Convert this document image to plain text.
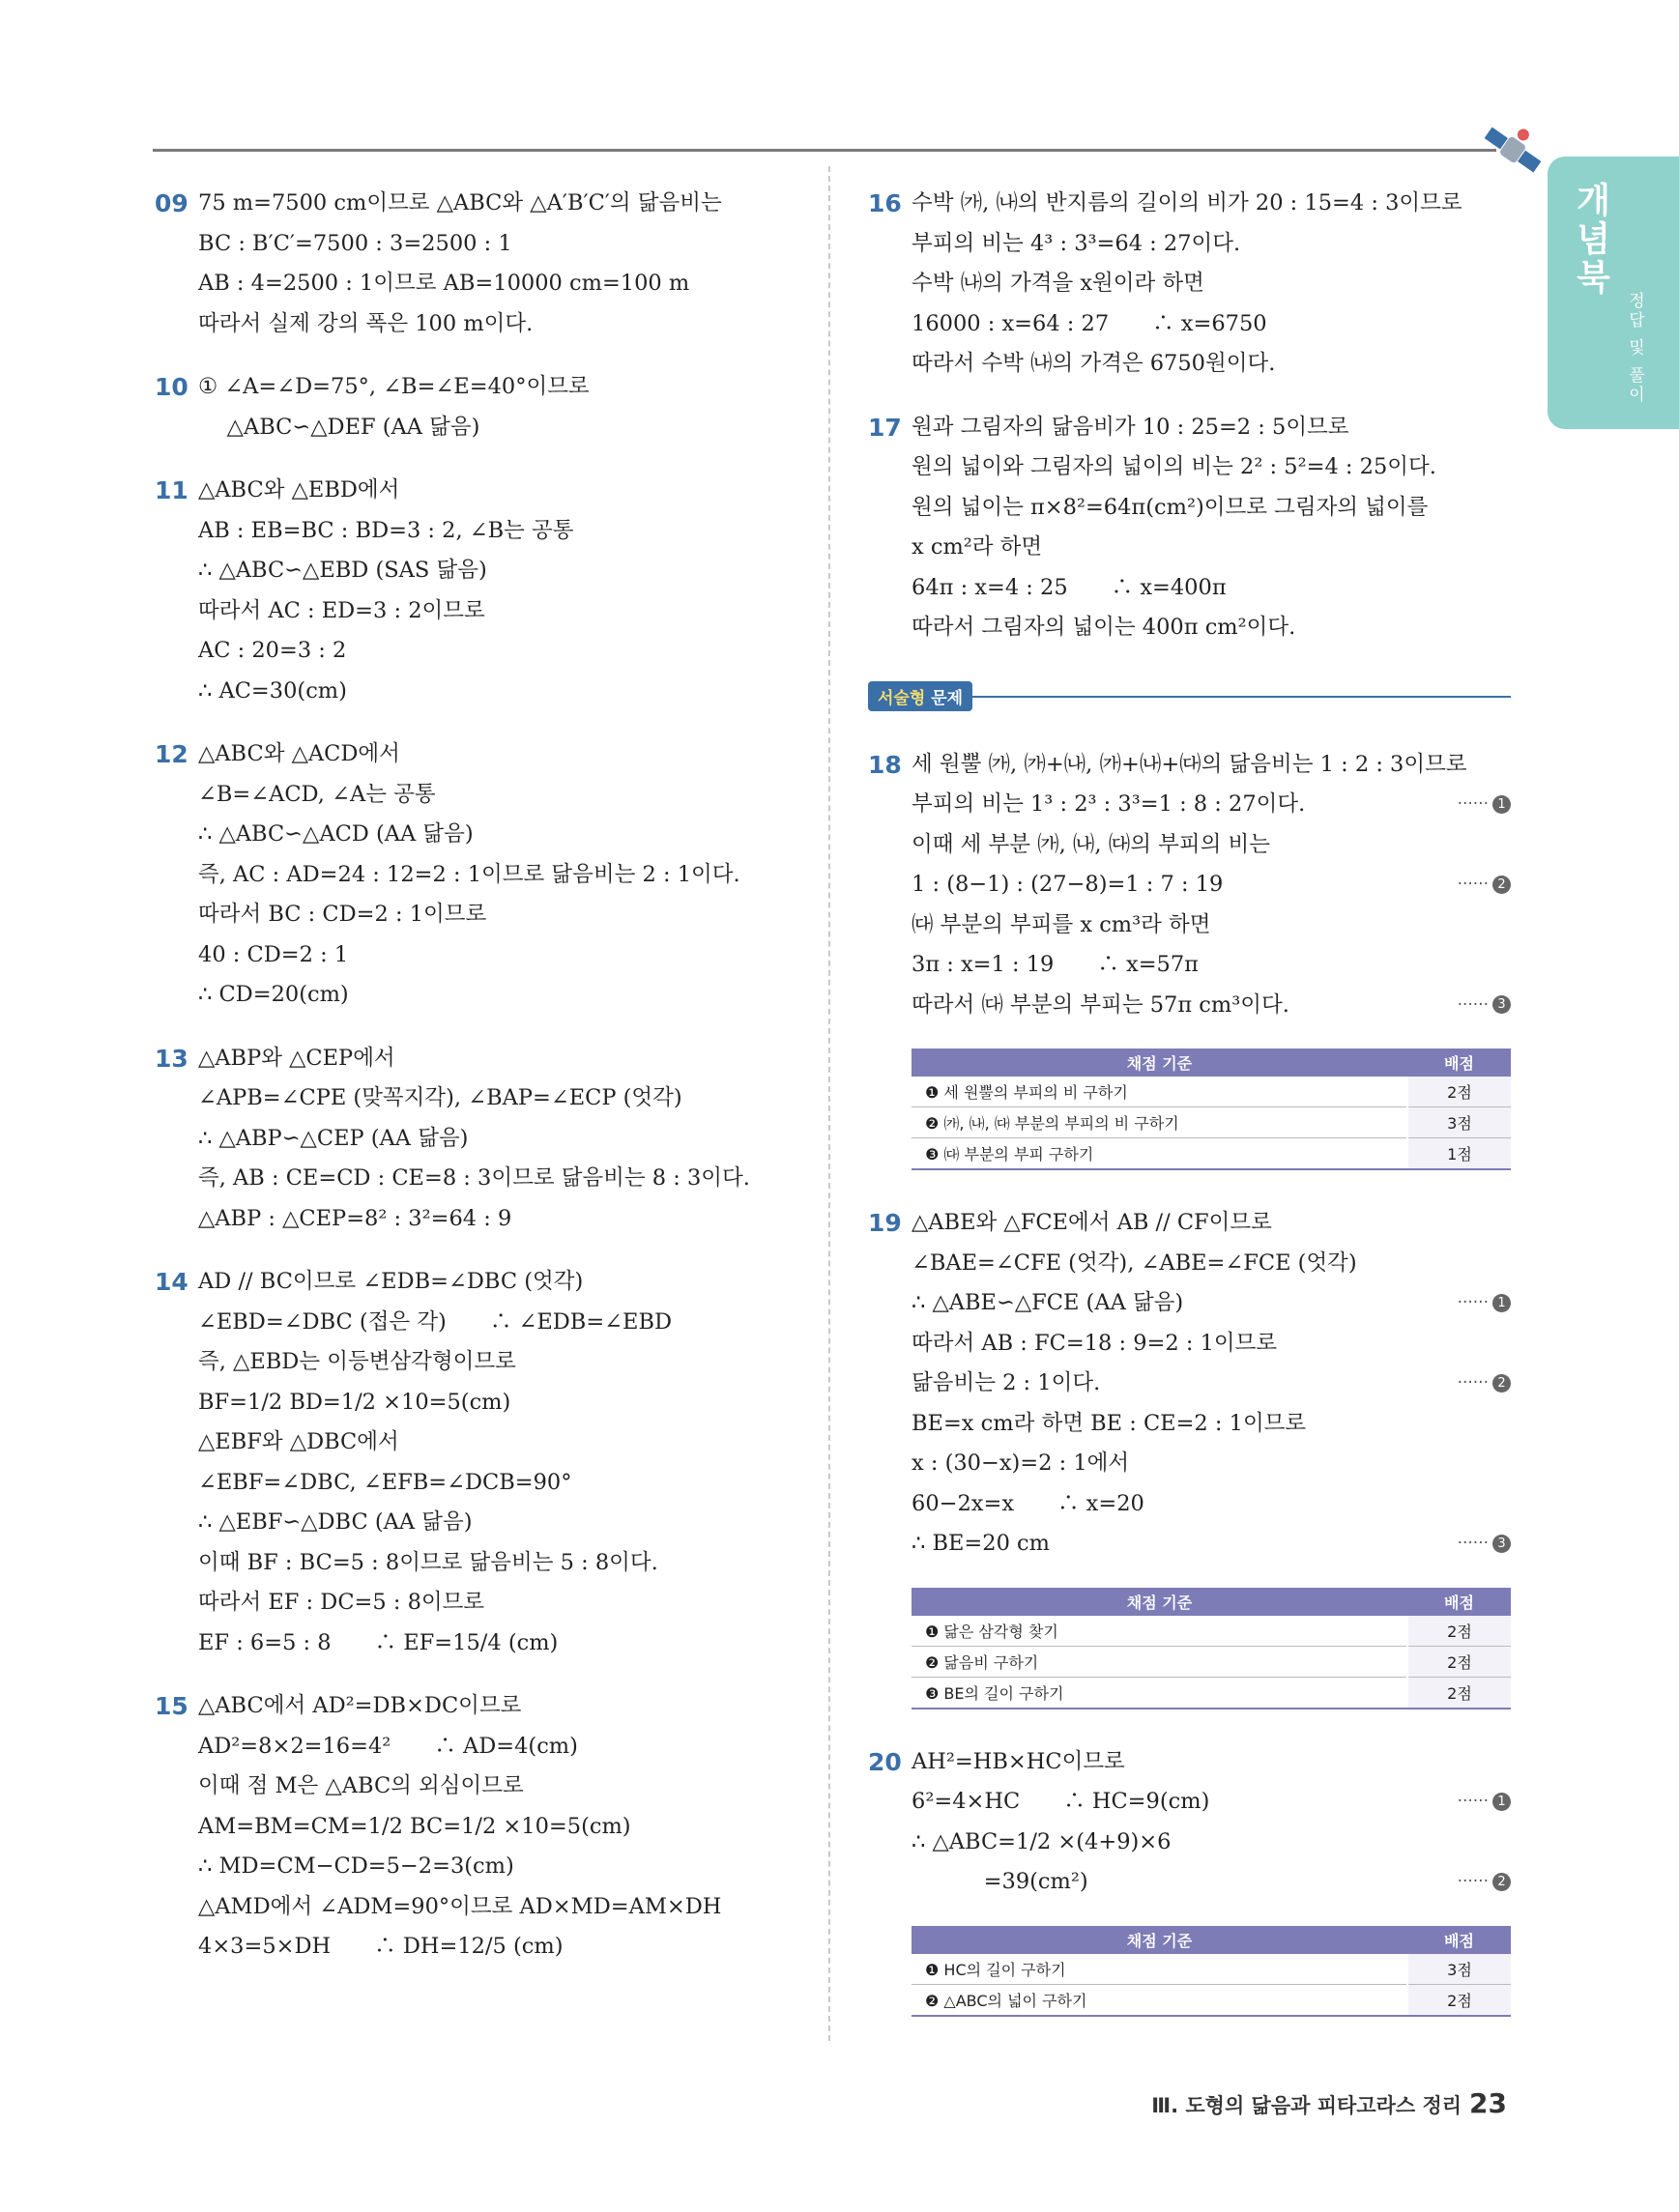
개념북
정답 및 풀이
09 75 m=7500 cm이므로 △ABC와 △A′B′C′의 닮음비는
BC : B′C′=7500 : 3=2500 : 1
AB : 4=2500 : 1이므로 AB=10000 cm=100 m
따라서 실제 강의 폭은 100 m이다.
10 ① ∠A=∠D=75°, ∠B=∠E=40°이므로
　 △ABC∽△DEF (AA 닮음)
11 △ABC와 △EBD에서
AB : EB=BC : BD=3 : 2, ∠B는 공통
∴ △ABC∽△EBD (SAS 닮음)
따라서 AC : ED=3 : 2이므로
AC : 20=3 : 2
∴ AC=30(cm)
12 △ABC와 △ACD에서
∠B=∠ACD, ∠A는 공통
∴ △ABC∽△ACD (AA 닮음)
즉, AC : AD=24 : 12=2 : 1이므로 닮음비는 2 : 1이다.
따라서 BC : CD=2 : 1이므로
40 : CD=2 : 1
∴ CD=20(cm)
13 △ABP와 △CEP에서
∠APB=∠CPE (맞꼭지각), ∠BAP=∠ECP (엇각)
∴ △ABP∽△CEP (AA 닮음)
즉, AB : CE=CD : CE=8 : 3이므로 닮음비는 8 : 3이다.
△ABP : △CEP=8² : 3²=64 : 9
14 AD // BC이므로 ∠EDB=∠DBC (엇각)
∠EBD=∠DBC (접은 각)　　∴ ∠EDB=∠EBD
즉, △EBD는 이등변삼각형이므로
BF=1/2 BD=1/2 ×10=5(cm)
△EBF와 △DBC에서
∠EBF=∠DBC, ∠EFB=∠DCB=90°
∴ △EBF∽△DBC (AA 닮음)
이때 BF : BC=5 : 8이므로 닮음비는 5 : 8이다.
따라서 EF : DC=5 : 8이므로
EF : 6=5 : 8　　∴ EF=15/4 (cm)
15 △ABC에서 AD²=DB×DC이므로
AD²=8×2=16=4²　　∴ AD=4(cm)
이때 점 M은 △ABC의 외심이므로
AM=BM=CM=1/2 BC=1/2 ×10=5(cm)
∴ MD=CM−CD=5−2=3(cm)
△AMD에서 ∠ADM=90°이므로 AD×MD=AM×DH
4×3=5×DH　　∴ DH=12/5 (cm)
16 수박 ㈎, ㈏의 반지름의 길이의 비가 20 : 15=4 : 3이므로
부피의 비는 4³ : 3³=64 : 27이다.
수박 ㈏의 가격을 x원이라 하면
16000 : x=64 : 27　　∴ x=6750
따라서 수박 ㈏의 가격은 6750원이다.
17 원과 그림자의 닮음비가 10 : 25=2 : 5이므로
원의 넓이와 그림자의 넓이의 비는 2² : 5²=4 : 25이다.
원의 넓이는 π×8²=64π(cm²)이므로 그림자의 넓이를
x cm²라 하면
64π : x=4 : 25　　∴ x=400π
따라서 그림자의 넓이는 400π cm²이다.
서술형 문제
18 세 원뿔 ㈎, ㈎+㈏, ㈎+㈏+㈐의 닮음비는 1 : 2 : 3이므로
부피의 비는 1³ : 2³ : 3³=1 : 8 : 27이다.	······ 1
이때 세 부분 ㈎, ㈏, ㈐의 부피의 비는
1 : (8−1) : (27−8)=1 : 7 : 19	······ 2
㈐ 부분의 부피를 x cm³라 하면
3π : x=1 : 19　　∴ x=57π
따라서 ㈐ 부분의 부피는 57π cm³이다.	······ 3
채점 기준	배점
❶ 세 원뿔의 부피의 비 구하기	2점
❷ ㈎, ㈏, ㈐ 부분의 부피의 비 구하기	3점
❸ ㈐ 부분의 부피 구하기	1점
19 △ABE와 △FCE에서 AB // CF이므로
∠BAE=∠CFE (엇각), ∠ABE=∠FCE (엇각)
∴ △ABE∽△FCE (AA 닮음)	······ 1
따라서 AB : FC=18 : 9=2 : 1이므로
닮음비는 2 : 1이다.	······ 2
BE=x cm라 하면 BE : CE=2 : 1이므로
x : (30−x)=2 : 1에서
60−2x=x　　∴ x=20
∴ BE=20 cm	······ 3
채점 기준	배점
❶ 닮은 삼각형 찾기	2점
❷ 닮음비 구하기	2점
❸ BE의 길이 구하기	2점
20 AH²=HB×HC이므로
6²=4×HC　　∴ HC=9(cm)	······ 1
∴ △ABC=1/2 ×(4+9)×6
　　　 =39(cm²)	······ 2
채점 기준	배점
❶ HC의 길이 구하기	3점
❷ △ABC의 넓이 구하기	2점
Ⅲ. 도형의 닮음과 피타고라스 정리 23
